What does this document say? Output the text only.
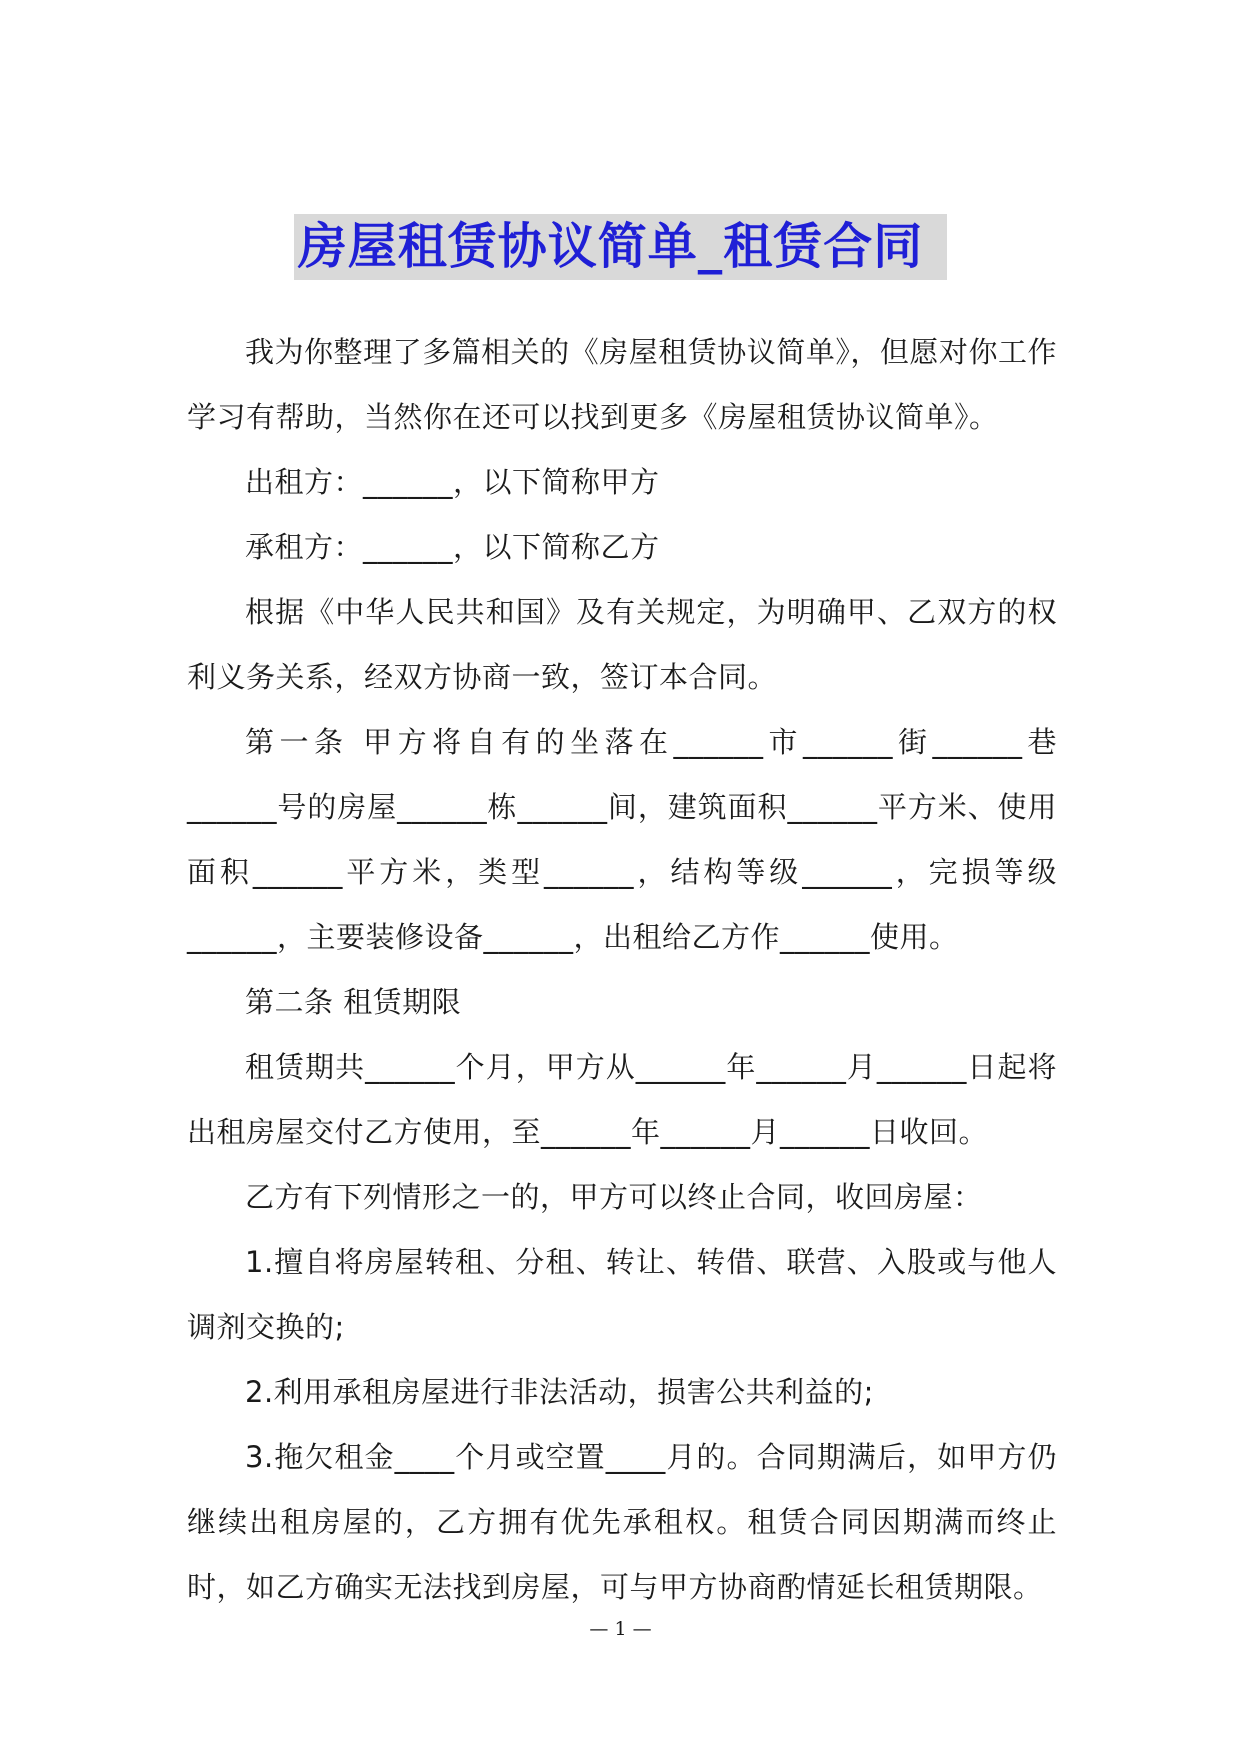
房屋租赁协议简单_租赁合同

我为你整理了多篇相关的《房屋租赁协议简单》，但愿对你工作学习有帮助，当然你在还可以找到更多《房屋租赁协议简单》。

出租方：______，以下简称甲方

承租方：______，以下简称乙方

根据《中华人民共和国》及有关规定，为明确甲、乙双方的权利义务关系，经双方协商一致，签订本合同。

第一条 甲方将自有的坐落在______市______街______巷______号的房屋______栋______间，建筑面积______平方米、使用面积______平方米，类型______，结构等级______，完损等级______，主要装修设备______，出租给乙方作______使用。

第二条 租赁期限

租赁期共______个月，甲方从______年______月______日起将出租房屋交付乙方使用，至______年______月______日收回。

乙方有下列情形之一的，甲方可以终止合同，收回房屋：

1.擅自将房屋转租、分租、转让、转借、联营、入股或与他人调剂交换的;

2.利用承租房屋进行非法活动，损害公共利益的;

3.拖欠租金____个月或空置____月的。合同期满后，如甲方仍继续出租房屋的，乙方拥有优先承租权。租赁合同因期满而终止时，如乙方确实无法找到房屋，可与甲方协商酌情延长租赁期限。

— 1 —
